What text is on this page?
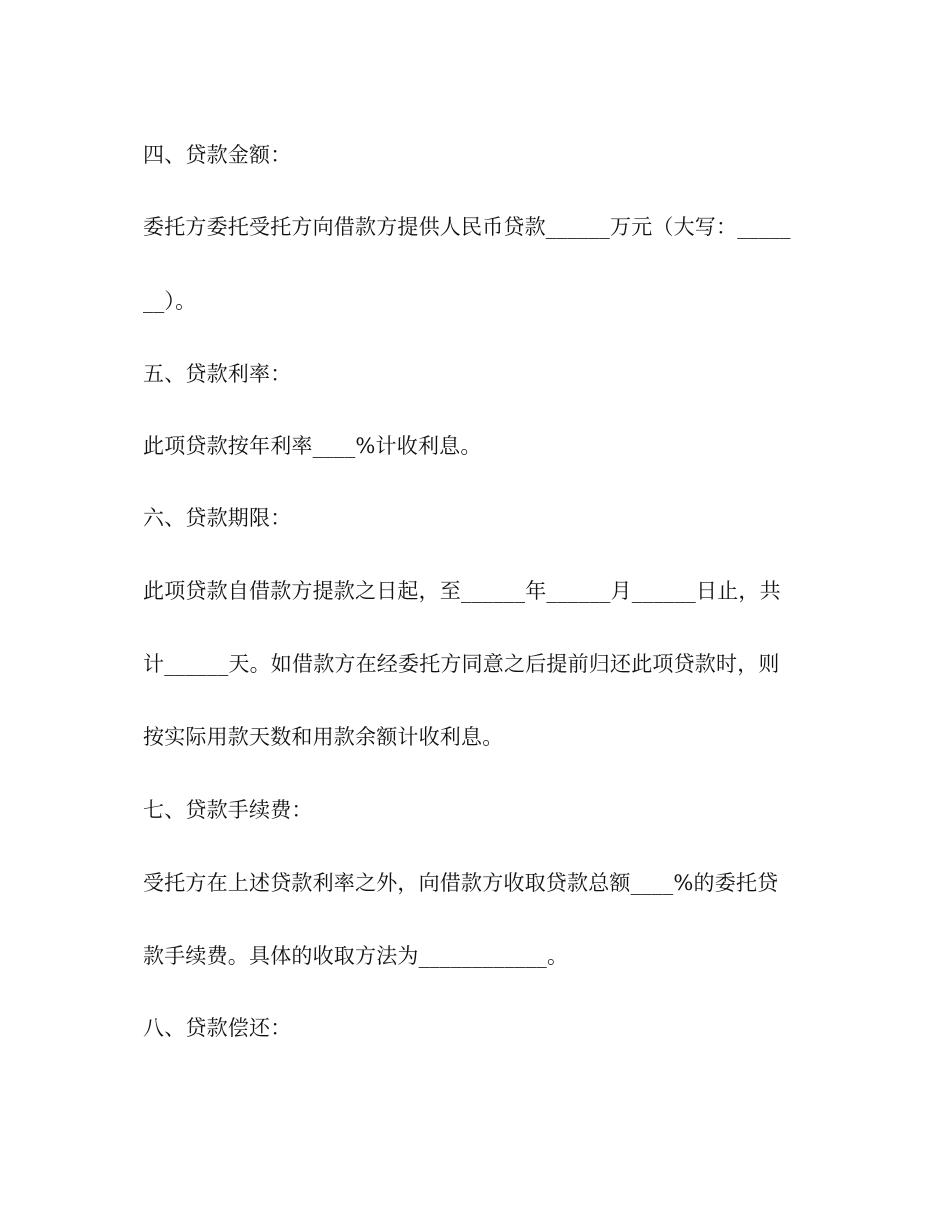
四、贷款金额：
委托方委托受托方向借款方提供人民币贷款______万元（大写：_____
__）。
五、贷款利率：
此项贷款按年利率____%计收利息。
六、贷款期限：
此项贷款自借款方提款之日起，至______年______月______日止，共
计______天。如借款方在经委托方同意之后提前归还此项贷款时，则
按实际用款天数和用款余额计收利息。
七、贷款手续费：
受托方在上述贷款利率之外，向借款方收取贷款总额____%的委托贷
款手续费。具体的收取方法为____________。
八、贷款偿还：
